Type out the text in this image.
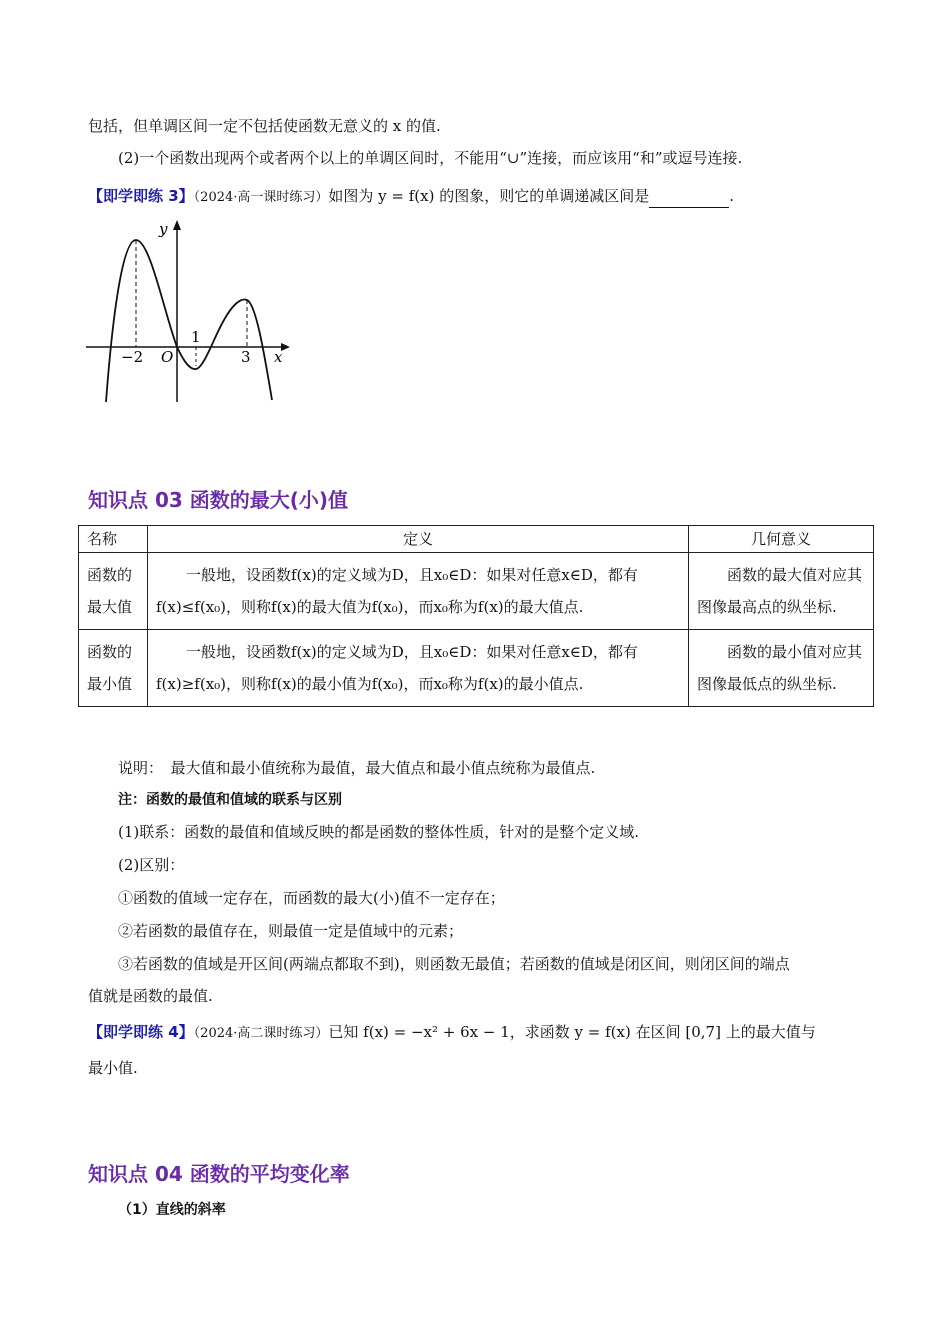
包括，但单调区间一定不包括使函数无意义的 x 的值.
(2)一个函数出现两个或者两个以上的单调区间时，不能用“∪”连接，而应该用“和”或逗号连接.
【即学即练 3】（2024·高一课时练习）如图为 y = f(x) 的图象，则它的单调递减区间是	.
y
x
O
−2
1
3
知识点 03 函数的最大(小)值
名称	定义	几何意义
函数的最大值	一般地，设函数f(x)的定义域为D，且x₀∈D：如果对任意x∈D，都有f(x)≤f(x₀)，则称f(x)的最大值为f(x₀)，而x₀称为f(x)的最大值点.	函数的最大值对应其图像最高点的纵坐标.
函数的最小值	一般地，设函数f(x)的定义域为D，且x₀∈D：如果对任意x∈D，都有f(x)≥f(x₀)，则称f(x)的最小值为f(x₀)，而x₀称为f(x)的最小值点.	函数的最小值对应其图像最低点的纵坐标.
说明：　最大值和最小值统称为最值，最大值点和最小值点统称为最值点.
注：函数的最值和值域的联系与区别
(1)联系：函数的最值和值域反映的都是函数的整体性质，针对的是整个定义域.
(2)区别：
①函数的值域一定存在，而函数的最大(小)值不一定存在；
②若函数的最值存在，则最值一定是值域中的元素；
③若函数的值域是开区间(两端点都取不到)，则函数无最值；若函数的值域是闭区间，则闭区间的端点
值就是函数的最值.
【即学即练 4】（2024·高二课时练习）已知 f(x) = −x² + 6x − 1，求函数 y = f(x) 在区间 [0,7] 上的最大值与
最小值.
知识点 04 函数的平均变化率
（1）直线的斜率
